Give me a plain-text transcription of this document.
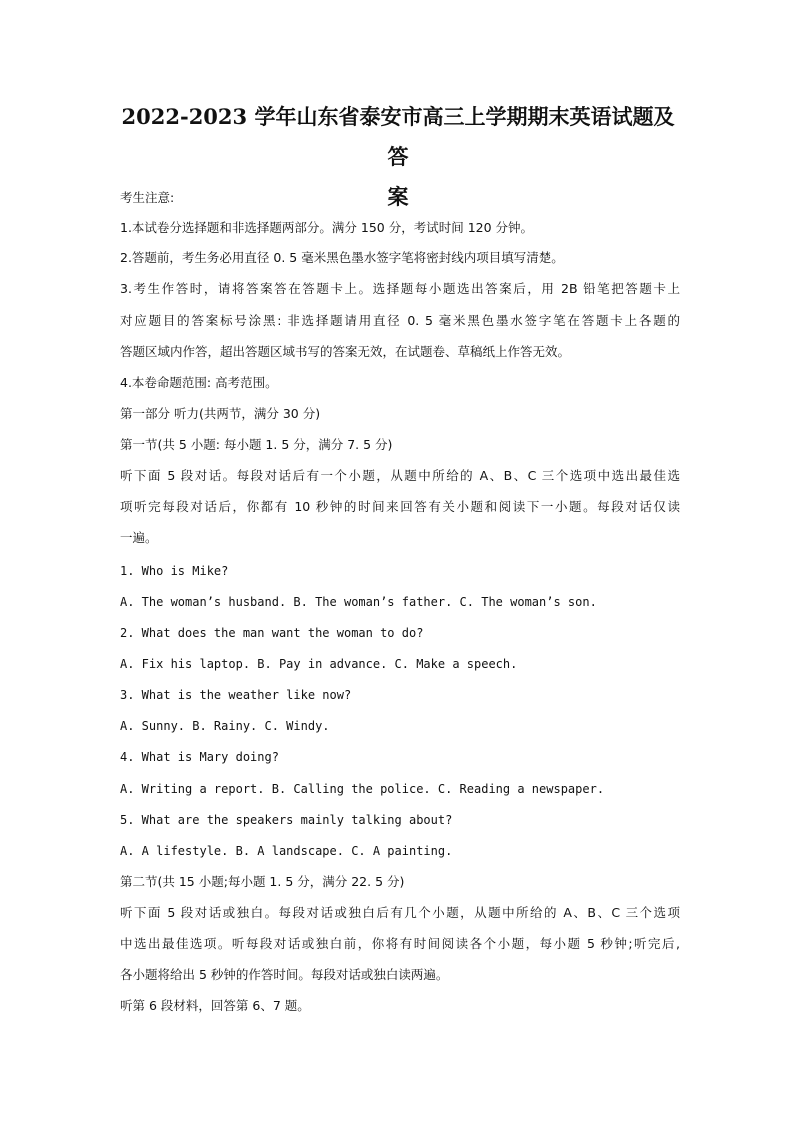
2022-2023 学年山东省泰安市高三上学期期末英语试题及答
案

考生注意:

1.本试卷分选择题和非选择题两部分。满分 150 分，考试时间 120 分钟。

2.答题前，考生务必用直径 0. 5 毫米黑色墨水签字笔将密封线内项目填写清楚。

3.考生作答时，请将答案答在答题卡上。选择题每小题选出答案后，用 2B 铅笔把答题卡上

对应题目的答案标号涂黑: 非选择题请用直径 0. 5 毫米黑色墨水签字笔在答题卡上各题的

答题区域内作答，超出答题区域书写的答案无效，在试题卷、草稿纸上作答无效。

4.本卷命题范围: 高考范围。

第一部分 听力(共两节，满分 30 分)

第一节(共 5 小题: 每小题 1. 5 分，满分 7. 5 分)

听下面 5 段对话。每段对话后有一个小题，从题中所给的 A、B、C 三个选项中选出最佳选

项听完每段对话后，你都有 10 秒钟的时间来回答有关小题和阅读下一小题。每段对话仅读

一遍。

1. Who is Mike?

A. The woman’s husband. B. The woman’s father. C. The woman’s son.

2. What does the man want the woman to do?

A. Fix his laptop. B. Pay in advance. C. Make a speech.

3. What is the weather like now?

A. Sunny. B. Rainy. C. Windy.

4. What is Mary doing?

A. Writing a report. B. Calling the police. C. Reading a newspaper.

5. What are the speakers mainly talking about?

A. A lifestyle. B. A landscape. C. A painting.

第二节(共 15 小题;每小题 1. 5 分，满分 22. 5 分)

听下面 5 段对话或独白。每段对话或独白后有几个小题，从题中所给的 A、B、C 三个选项

中选出最佳选项。听每段对话或独白前，你将有时间阅读各个小题，每小题 5 秒钟;听完后,

各小题将给出 5 秒钟的作答时间。每段对话或独白读两遍。

听第 6 段材料，回答第 6、7 题。
